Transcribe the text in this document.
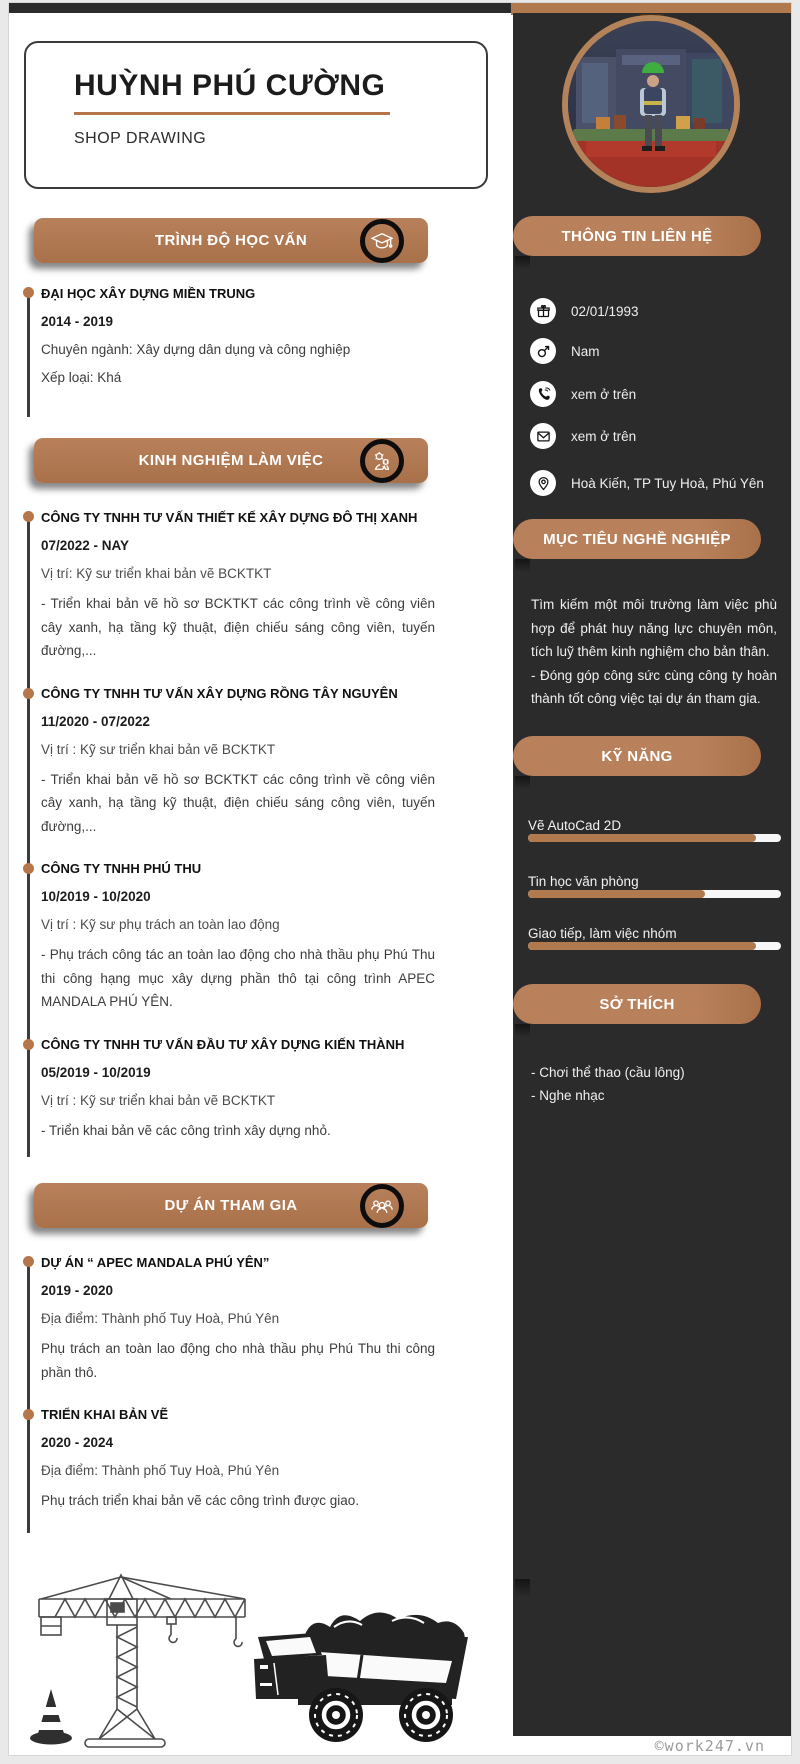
THÔNG TIN LIÊN HỆ
02/01/1993
Nam
xem ở trên
xem ở trên
Hoà Kiến, TP Tuy Hoà, Phú Yên
MỤC TIÊU NGHỀ NGHIỆP

Tìm kiếm một môi trường làm việc phù hợp để phát huy năng lực chuyên môn, tích luỹ thêm kinh nghiệm cho bản thân.

- Đóng góp công sức cùng công ty hoàn thành tốt công việc tại dự án tham gia.

KỸ NĂNG

Vẽ AutoCad 2D

Tin học văn phòng

Giao tiếp, làm việc nhóm

SỞ THÍCH

- Chơi thể thao (cầu lông)

- Nghe nhạc

HUỲNH PHÚ CƯỜNG
SHOP DRAWING
TRÌNH ĐỘ HỌC VẤN

ĐẠI HỌC XÂY DỰNG MIỀN TRUNG

2014 - 2019

Chuyên ngành: Xây dựng dân dụng và công nghiệp

Xếp loại: Khá

KINH NGHIỆM LÀM VIỆC

CÔNG TY TNHH TƯ VẤN THIẾT KẾ XÂY DỰNG ĐÔ THỊ XANH

07/2022 - NAY

Vị trí: Kỹ sư triển khai bản vẽ BCKTKT

- Triển khai bản vẽ hồ sơ BCKTKT các công trình về công viên cây xanh, hạ tầng kỹ thuật, điện chiếu sáng công viên, tuyến đường,...

CÔNG TY TNHH TƯ VẤN XÂY DỰNG RỒNG TÂY NGUYÊN

11/2020 - 07/2022

Vị trí : Kỹ sư triển khai bản vẽ BCKTKT

- Triển khai bản vẽ hồ sơ BCKTKT các công trình về công viên cây xanh, hạ tầng kỹ thuật, điện chiếu sáng công viên, tuyến đường,...

CÔNG TY TNHH PHÚ THU

10/2019 - 10/2020

Vị trí : Kỹ sư phụ trách an toàn lao động

- Phụ trách công tác an toàn lao động cho nhà thầu phụ Phú Thu thi công hạng mục xây dựng phần thô tại công trình APEC MANDALA PHÚ YÊN.

CÔNG TY TNHH TƯ VẤN ĐẦU TƯ XÂY DỰNG KIẾN THÀNH

05/2019 - 10/2019

Vị trí : Kỹ sư triển khai bản vẽ BCKTKT

- Triển khai bản vẽ các công trình xây dựng nhỏ.

DỰ ÁN THAM GIA

DỰ ÁN “ APEC MANDALA PHÚ YÊN”

2019 - 2020

Địa điểm: Thành phố Tuy Hoà, Phú Yên

Phụ trách an toàn lao động cho nhà thầu phụ Phú Thu thi công phần thô.

TRIỂN KHAI BẢN VẼ

2020 - 2024

Địa điểm: Thành phố Tuy Hoà, Phú Yên

Phụ trách triển khai bản vẽ các công trình được giao.

©work247.vn
